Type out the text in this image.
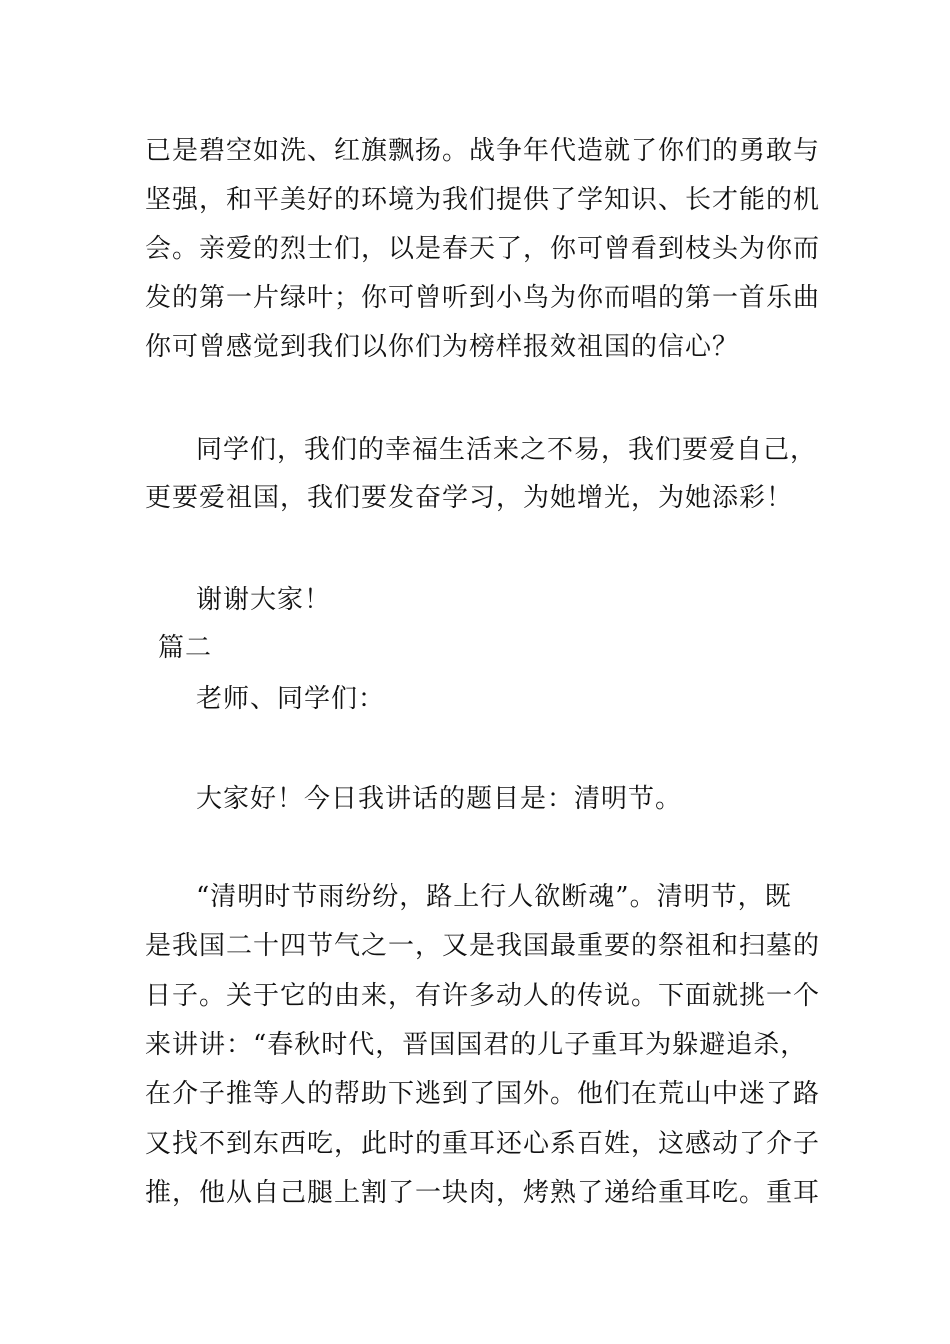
已是碧空如洗、红旗飘扬。战争年代造就了你们的勇敢与
坚强，和平美好的环境为我们提供了学知识、长才能的机
会。亲爱的烈士们，以是春天了，你可曾看到枝头为你而
发的第一片绿叶；你可曾听到小鸟为你而唱的第一首乐曲
你可曾感觉到我们以你们为榜样报效祖国的信心？
同学们，我们的幸福生活来之不易，我们要爱自己，
更要爱祖国，我们要发奋学习，为她增光，为她添彩！
谢谢大家！
篇二
老师、同学们：
大家好！今日我讲话的题目是：清明节。
“清明时节雨纷纷，路上行人欲断魂”。清明节，既
是我国二十四节气之一，又是我国最重要的祭祖和扫墓的
日子。关于它的由来，有许多动人的传说。下面就挑一个
来讲讲：“春秋时代，晋国国君的儿子重耳为躲避追杀，
在介子推等人的帮助下逃到了国外。他们在荒山中迷了路
又找不到东西吃，此时的重耳还心系百姓，这感动了介子
推，他从自己腿上割了一块肉，烤熟了递给重耳吃。重耳
